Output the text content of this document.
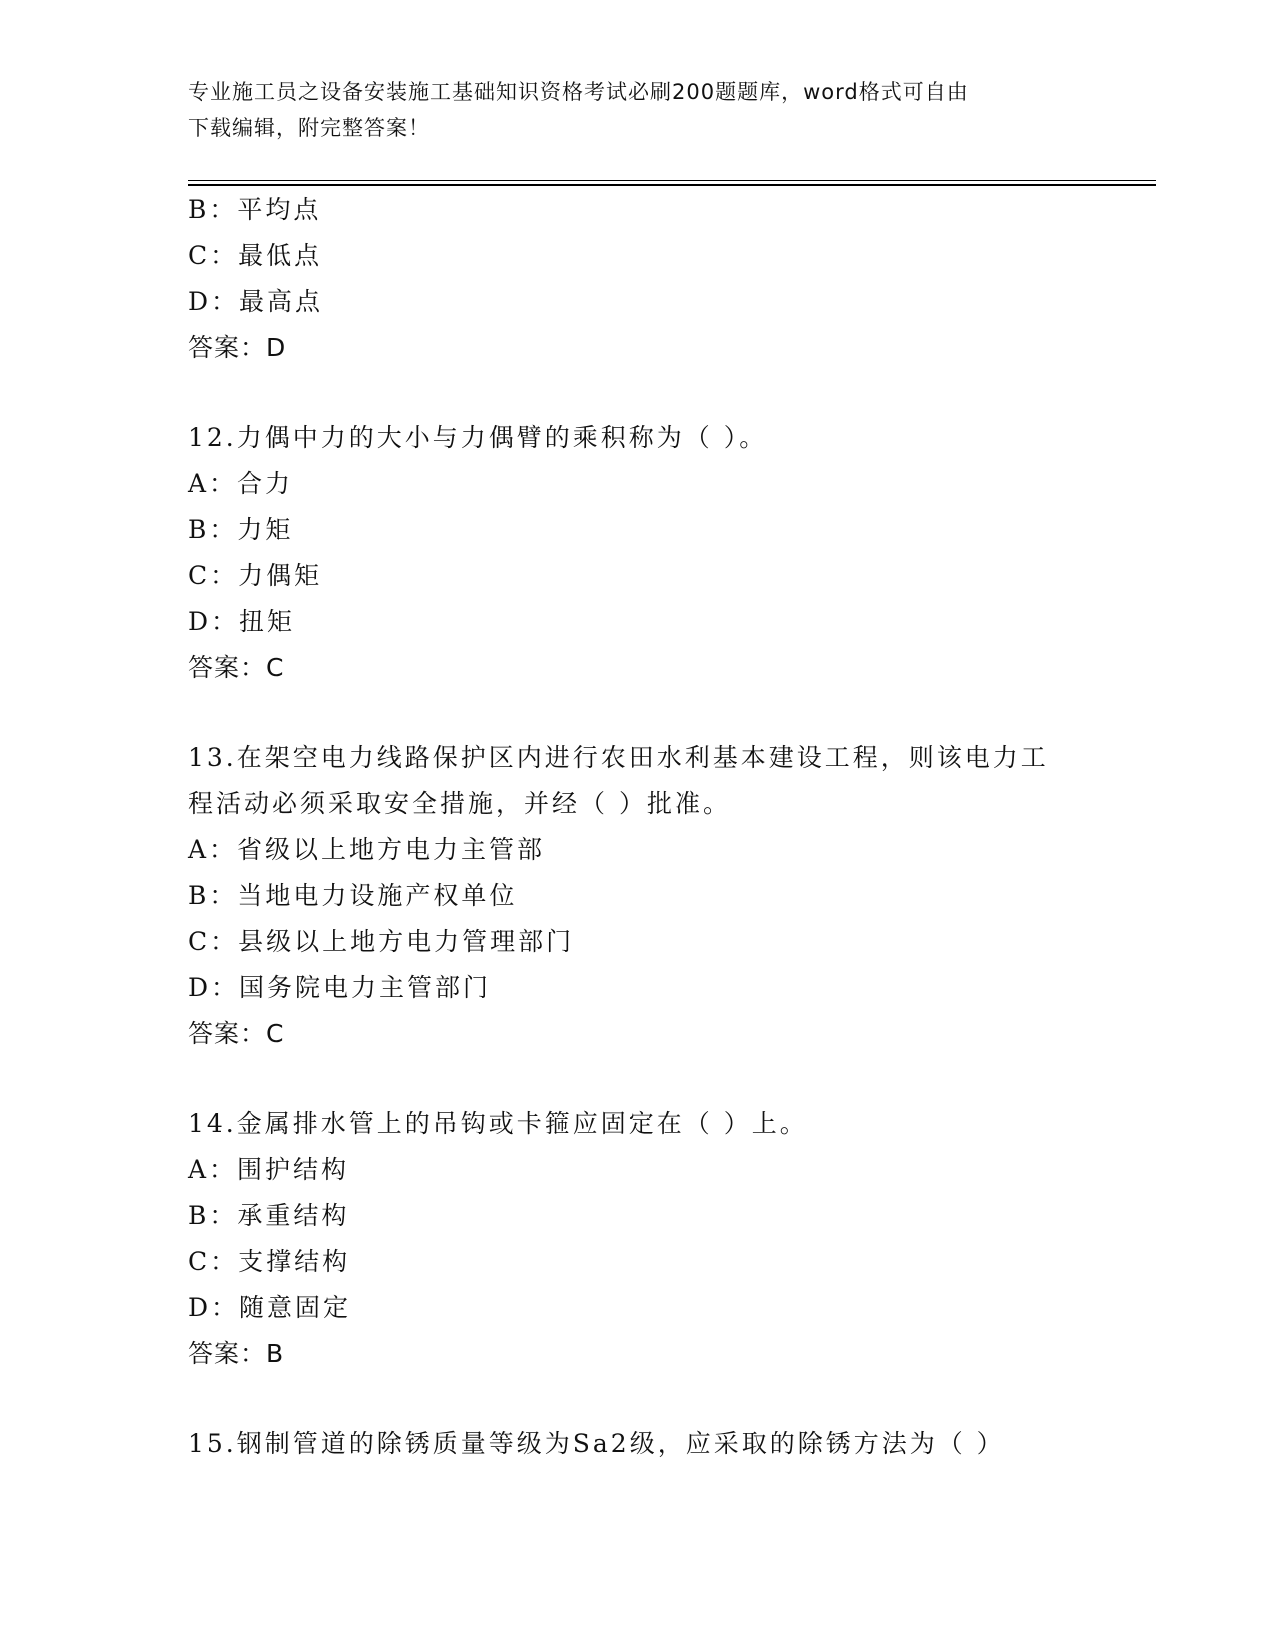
专业施工员之设备安装施工基础知识资格考试必刷200题题库，word格式可自由
下载编辑，附完整答案！
B：平均点
C：最低点
D：最高点
答案：D
12.力偶中力的大小与力偶臂的乘积称为（ ）。
A：合力
B：力矩
C：力偶矩
D：扭矩
答案：C
13.在架空电力线路保护区内进行农田水利基本建设工程，则该电力工
程活动必须采取安全措施，并经（ ）批准。
A：省级以上地方电力主管部
B：当地电力设施产权单位
C：县级以上地方电力管理部门
D：国务院电力主管部门
答案：C
14.金属排水管上的吊钩或卡箍应固定在（ ）上。
A：围护结构
B：承重结构
C：支撑结构
D：随意固定
答案：B
15.钢制管道的除锈质量等级为Sa2级，应采取的除锈方法为（ ）
